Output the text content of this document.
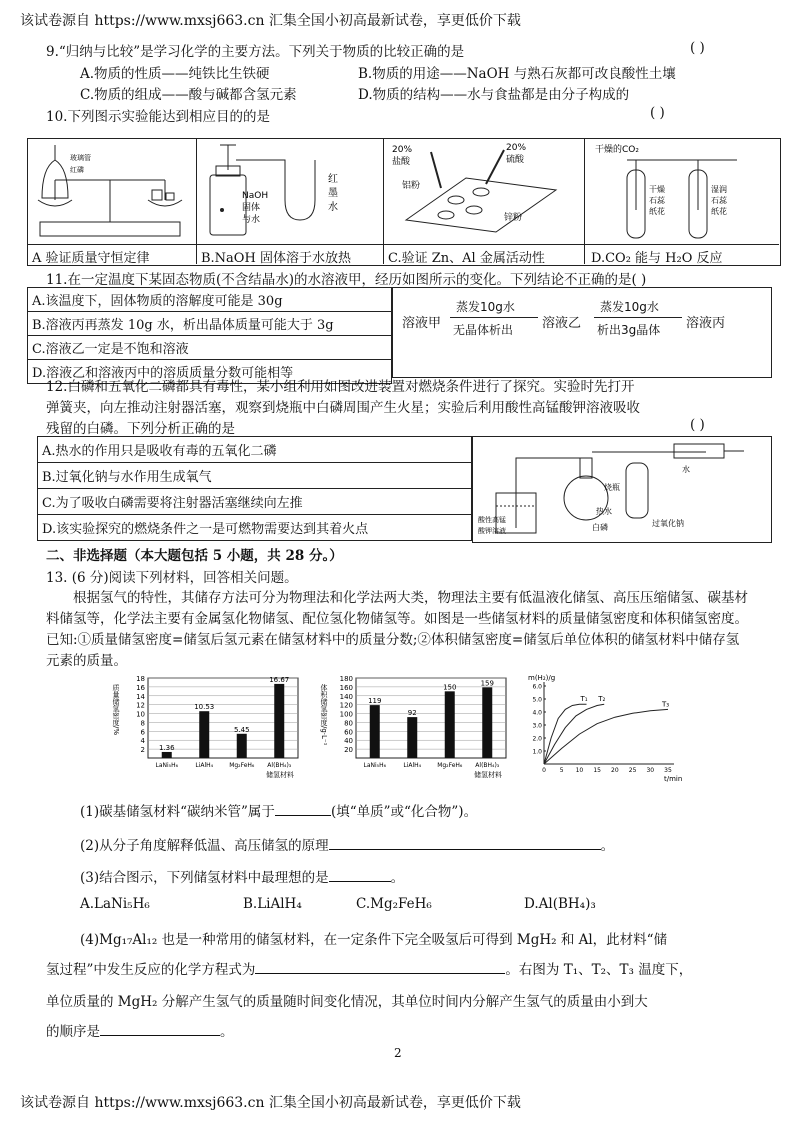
该试卷源自 https://www.mxsj663.cn 汇集全国小初高最新试卷，享更低价下载
9.“归纳与比较”是学习化学的主要方法。下列关于物质的比较正确的是	( )
A.物质的性质——纯铁比生铁硬	B.物质的用途——NaOH 与熟石灰都可改良酸性土壤
C.物质的组成——酸与碱都含氢元素	D.物质的结构——水与食盐都是由分子构成的
10.下列图示实验能达到相应目的的是	( )
玻璃管
红磷
NaOH
固体
与水
红
墨
水
20%
盐酸
20%
硫酸
铝粉
锌粉
干燥的CO₂
干 燥
石蕊
纸花
湿润
石蕊
纸花
A 验证质量守恒定律	B.NaOH 固体溶于水放热	C.验证 Zn、Al 金属活动性	D.CO₂ 能与 H₂O 反应
11.在一定温度下某固态物质(不含结晶水)的水溶液甲，经历如图所示的变化。下列结论不正确的是( )
A.该温度下，固体物质的溶解度可能是 30g
B.溶液丙再蒸发 10g 水，析出晶体质量可能大于 3g
C.溶液乙一定是不饱和溶液
D.溶液乙和溶液丙中的溶质质量分数可能相等
溶液甲
蒸发10g水
无晶体析出 溶液乙
蒸发10g水
析出3g晶体 溶液丙
12.白磷和五氧化二磷都具有毒性，某小组利用如图改进装置对燃烧条件进行了探究。实验时先打开
弹簧夹，向左推动注射器活塞，观察到烧瓶中白磷周围产生火星；实验后利用酸性高锰酸钾溶液吸收
残留的白磷。下列分析正确的是	( )
A.热水的作用只是吸收有毒的五氧化二磷
B.过氧化钠与水作用生成氧气
C.为了吸收白磷需要将注射器活塞继续向左推
D.该实验探究的燃烧条件之一是可燃物需要达到其着火点
烧瓶
水
热水
白磷	过氧化钠
酸性高锰
酸钾溶液
二、非选择题（本大题包括 5 小题，共 28 分。）
13. (6 分)阅读下列材料，回答相关问题。
根据氢气的特性，其储存方法可分为物理法和化学法两大类，物理法主要有低温液化储氢、高压压缩储氢、碳基材料储氢等，化学法主要有金属氢化物储氢、配位氢化物储氢等。如图是一些储氢材料的质量储氢密度和体积储氢密度。已知:①质量储氢密度=储氢后氢元素在储氢材料中的质量分数;②体积储氢密度=储氢后单位体积的储氢材料中储存氢元素的质量。
质量储氢密度/%
2
4
6
8
10
12
14
16
18
1.36
LaNi₅H₆
10.53
LiAlH₄
5.45
Mg₂FeH₆
16.67
Al(BH₄)₃
储氢材料
体积储氢密度/g·L⁻¹
20
40
60
80
100
120
140
160
180
119
LaNi₅H₆
92
LiAlH₄
150
Mg₂FeH₆
159
Al(BH₄)₃
储氢材料
m(H₂)/g
1.0
2.0
3.0
4.0
5.0
6.0
0 5 10 15 20 25 30 35
t/min
T₁ T₂
T₃
(1)碳基储氢材料“碳纳米管”属于	(填“单质”或“化合物”)。
(2)从分子角度解释低温、高压储氢的原理	。
(3)结合图示，下列储氢材料中最理想的是	。
A.LaNi₅H₆	B.LiAlH₄	C.Mg₂FeH₆	D.Al(BH₄)₃
(4)Mg₁₇Al₁₂ 也是一种常用的储氢材料，在一定条件下完全吸氢后可得到 MgH₂ 和 Al，此材料“储
氢过程”中发生反应的化学方程式为	。右图为 T₁、T₂、T₃ 温度下，
单位质量的 MgH₂ 分解产生氢气的质量随时间变化情况，其单位时间内分解产生氢气的质量由小到大
的顺序是	。
2
该试卷源自 https://www.mxsj663.cn 汇集全国小初高最新试卷，享更低价下载
